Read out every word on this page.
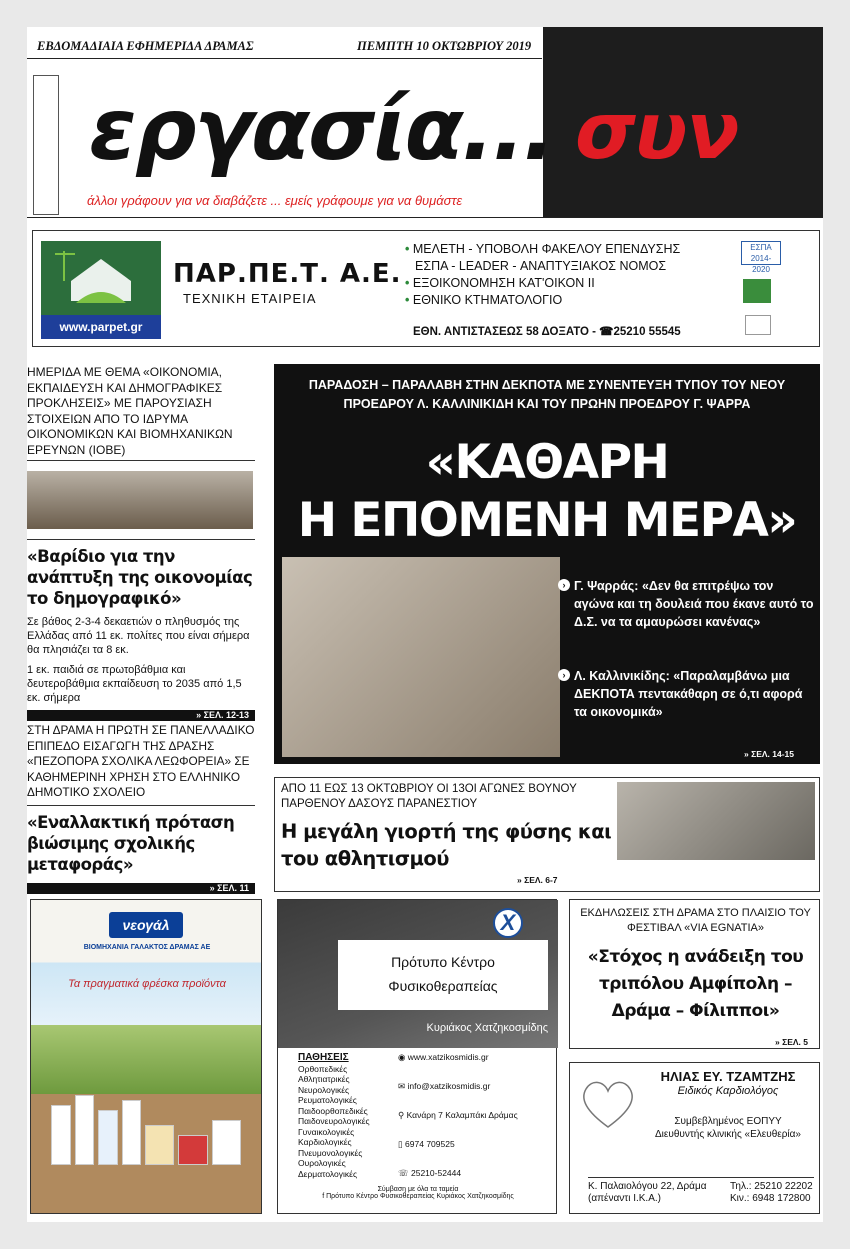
ΕΒΔΟΜΑΔΙΑΙΑ ΕΦΗΜΕΡΙΔΑ ΔΡΑΜΑΣ	ΠΕΜΠΤΗ 10 ΟΚΤΩΒΡΙΟΥ 2019
εργασία... συν
άλλοι γράφουν για να διαβάζετε ... εμείς γράφουμε για να θυμάστε
www.parpet.gr
ΠΑΡ.ΠΕ.Τ. Α.Ε.
ΤΕΧΝΙΚΗ ΕΤΑΙΡΕΙΑ
• ΜΕΛΕΤΗ - ΥΠΟΒΟΛΗ ΦΑΚΕΛΟΥ ΕΠΕΝΔΥΣΗΣ
ΕΣΠΑ - LEADER - ΑΝΑΠΤΥΞΙΑΚΟΣ ΝΟΜΟΣ
• ΕΞΟΙΚΟΝΟΜΗΣΗ ΚΑΤ'ΟΙΚΟΝ ΙΙ
• ΕΘΝΙΚΟ ΚΤΗΜΑΤΟΛΟΓΙΟ
ΕΘΝ. ΑΝΤΙΣΤΑΣΕΩΣ 58 ΔΟΞΑΤΟ - ☎25210 55545
ΕΣΠΑ 2014-2020
ΗΜΕΡΙΔΑ ΜΕ ΘΕΜΑ «ΟΙΚΟΝΟΜΙΑ, ΕΚΠΑΙΔΕΥΣΗ ΚΑΙ ΔΗΜΟΓΡΑΦΙΚΕΣ ΠΡΟΚΛΗΣΕΙΣ» ΜΕ ΠΑΡΟΥΣΙΑΣΗ ΣΤΟΙΧΕΙΩΝ ΑΠΟ ΤΟ ΙΔΡΥΜΑ ΟΙΚΟΝΟΜΙΚΩΝ ΚΑΙ ΒΙΟΜΗΧΑΝΙΚΩΝ ΕΡΕΥΝΩΝ (ΙΟΒΕ)
«Βαρίδιο για την ανάπτυξη της οικονομίας το δημογραφικό»
Σε βάθος 2-3-4 δεκαετιών ο πληθυσμός της Ελλάδας από 11 εκ. πολίτες που είναι σήμερα θα πλησιάζει τα 8 εκ.
1 εκ. παιδιά σε πρωτοβάθμια και δευτεροβάθμια εκπαίδευση το 2035 από 1,5 εκ. σήμερα
» ΣΕΛ. 12-13
ΣΤΗ ΔΡΑΜΑ Η ΠΡΩΤΗ ΣΕ ΠΑΝΕΛΛΑΔΙΚΟ ΕΠΙΠΕΔΟ ΕΙΣΑΓΩΓΗ ΤΗΣ ΔΡΑΣΗΣ «ΠΕΖΟΠΟΡΑ ΣΧΟΛΙΚΑ ΛΕΩΦΟΡΕΙΑ» ΣΕ ΚΑΘΗΜΕΡΙΝΗ ΧΡΗΣΗ ΣΤΟ ΕΛΛΗΝΙΚΟ ΔΗΜΟΤΙΚΟ ΣΧΟΛΕΙΟ
«Εναλλακτική πρόταση βιώσιμης σχολικής μεταφοράς»
» ΣΕΛ. 11
ΠΑΡΑΔΟΣΗ – ΠΑΡΑΛΑΒΗ ΣΤΗΝ ΔΕΚΠΟΤΑ ΜΕ ΣΥΝΕΝΤΕΥΞΗ ΤΥΠΟΥ ΤΟΥ ΝΕΟΥ ΠΡΟΕΔΡΟΥ Λ. ΚΑΛΛΙΝΙΚΙΔΗ ΚΑΙ ΤΟΥ ΠΡΩΗΝ ΠΡΟΕΔΡΟΥ Γ. ΨΑΡΡΑ
«ΚΑΘΑΡΗ
Η ΕΠΟΜΕΝΗ ΜΕΡΑ»
› Γ. Ψαρράς: «Δεν θα επιτρέψω τον αγώνα και τη δουλειά που έκανε αυτό το Δ.Σ. να τα αμαυρώσει κανένας»
› Λ. Καλλινικίδης: «Παραλαμβάνω μια ΔΕΚΠΟΤΑ πεντακάθαρη σε ό,τι αφορά τα οικονομικά»
» ΣΕΛ. 14-15
ΑΠΟ 11 ΕΩΣ 13 ΟΚΤΩΒΡΙΟΥ ΟΙ 13ΟΙ ΑΓΩΝΕΣ ΒΟΥΝΟΥ ΠΑΡΘΕΝΟΥ ΔΑΣΟΥΣ ΠΑΡΑΝΕΣΤΙΟΥ
Η μεγάλη γιορτή της φύσης και του αθλητισμού
» ΣΕΛ. 6-7
νεογάλ
ΒΙΟΜΗΧΑΝΙΑ ΓΑΛΑΚΤΟΣ ΔΡΑΜΑΣ ΑΕ
Τα πραγματικά φρέσκα προϊόντα
X
Πρότυπο Κέντρο
Φυσικοθεραπείας
Κυριάκος Χατζηκοσμίδης
ΠΑΘΗΣΕΙΣ
Ορθοπεδικές
Αθλητιατρικές
Νευρολογικές
Ρευματολογικές
Παιδοορθοπεδικές
Παιδονευρολογικές
Γυναικολογικές
Καρδιολογικές
Πνευμονολογικές
Ουρολογικές
Δερματολογικές
◉ www.xatzikosmidis.gr
✉ info@xatzikosmidis.gr
⚲ Κανάρη 7 Καλαμπάκι Δράμας
▯ 6974 709525
☏ 25210-52444
Σύμβαση με όλα τα ταμεία
f Πρότυπο Κέντρο Φυσικοθεραπείας Κυριάκος Χατζηκοσμίδης
ΕΚΔΗΛΩΣΕΙΣ ΣΤΗ ΔΡΑΜΑ ΣΤΟ ΠΛΑΙΣΙΟ ΤΟΥ ΦΕΣΤΙΒΑΛ «VIA EGNATIA»
«Στόχος η ανάδειξη του τριπόλου Αμφίπολη – Δράμα – Φίλιπποι»
» ΣΕΛ. 5
ΗΛΙΑΣ ΕΥ. ΤΖΑΜΤΖΗΣ
Ειδικός Καρδιολόγος
Συμβεβλημένος ΕΟΠΥΥ
Διευθυντής κλινικής «Ελευθερία»
Κ. Παλαιολόγου 22, Δράμα
(απέναντι Ι.Κ.Α.)
Τηλ.: 25210 22202
Κιν.: 6948 172800
